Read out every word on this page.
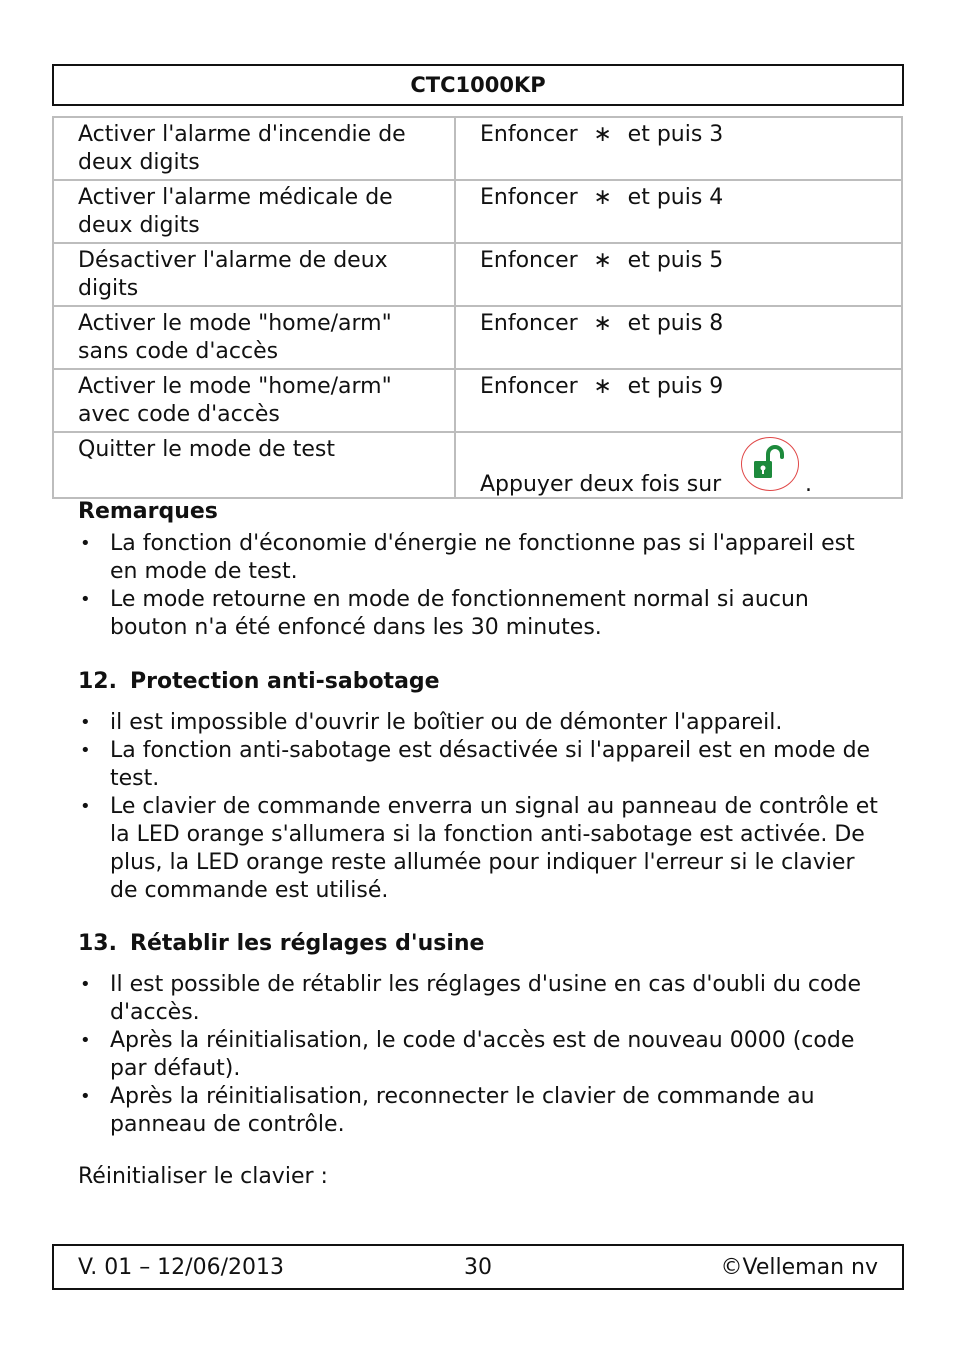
CTC1000KP
Activer l'alarme d'incendie de deux digits	Enfoncer ∗ et puis 3
Activer l'alarme médicale de deux digits	Enfoncer ∗ et puis 4
Désactiver l'alarme de deux digits	Enfoncer ∗ et puis 5
Activer le mode "home/arm" sans code d'accès	Enfoncer ∗ et puis 8
Activer le mode "home/arm" avec code d'accès	Enfoncer ∗ et puis 9
Quitter le mode de test	Appuyer deux fois sur .
Remarques
• La fonction d'économie d'énergie ne fonctionne pas si l'appareil est en mode de test.
• Le mode retourne en mode de fonctionnement normal si aucun bouton n'a été enfoncé dans les 30 minutes.
12. Protection anti-sabotage
• il est impossible d'ouvrir le boîtier ou de démonter l'appareil.
• La fonction anti-sabotage est désactivée si l'appareil est en mode de test.
• Le clavier de commande enverra un signal au panneau de contrôle et la LED orange s'allumera si la fonction anti-sabotage est activée. De plus, la LED orange reste allumée pour indiquer l'erreur si le clavier de commande est utilisé.
13. Rétablir les réglages d'usine
• Il est possible de rétablir les réglages d'usine en cas d'oubli du code d'accès.
• Après la réinitialisation, le code d'accès est de nouveau 0000 (code par défaut).
• Après la réinitialisation, reconnecter le clavier de commande au panneau de contrôle.
Réinitialiser le clavier :
V. 01 – 12/06/2013	30	©Velleman nv
